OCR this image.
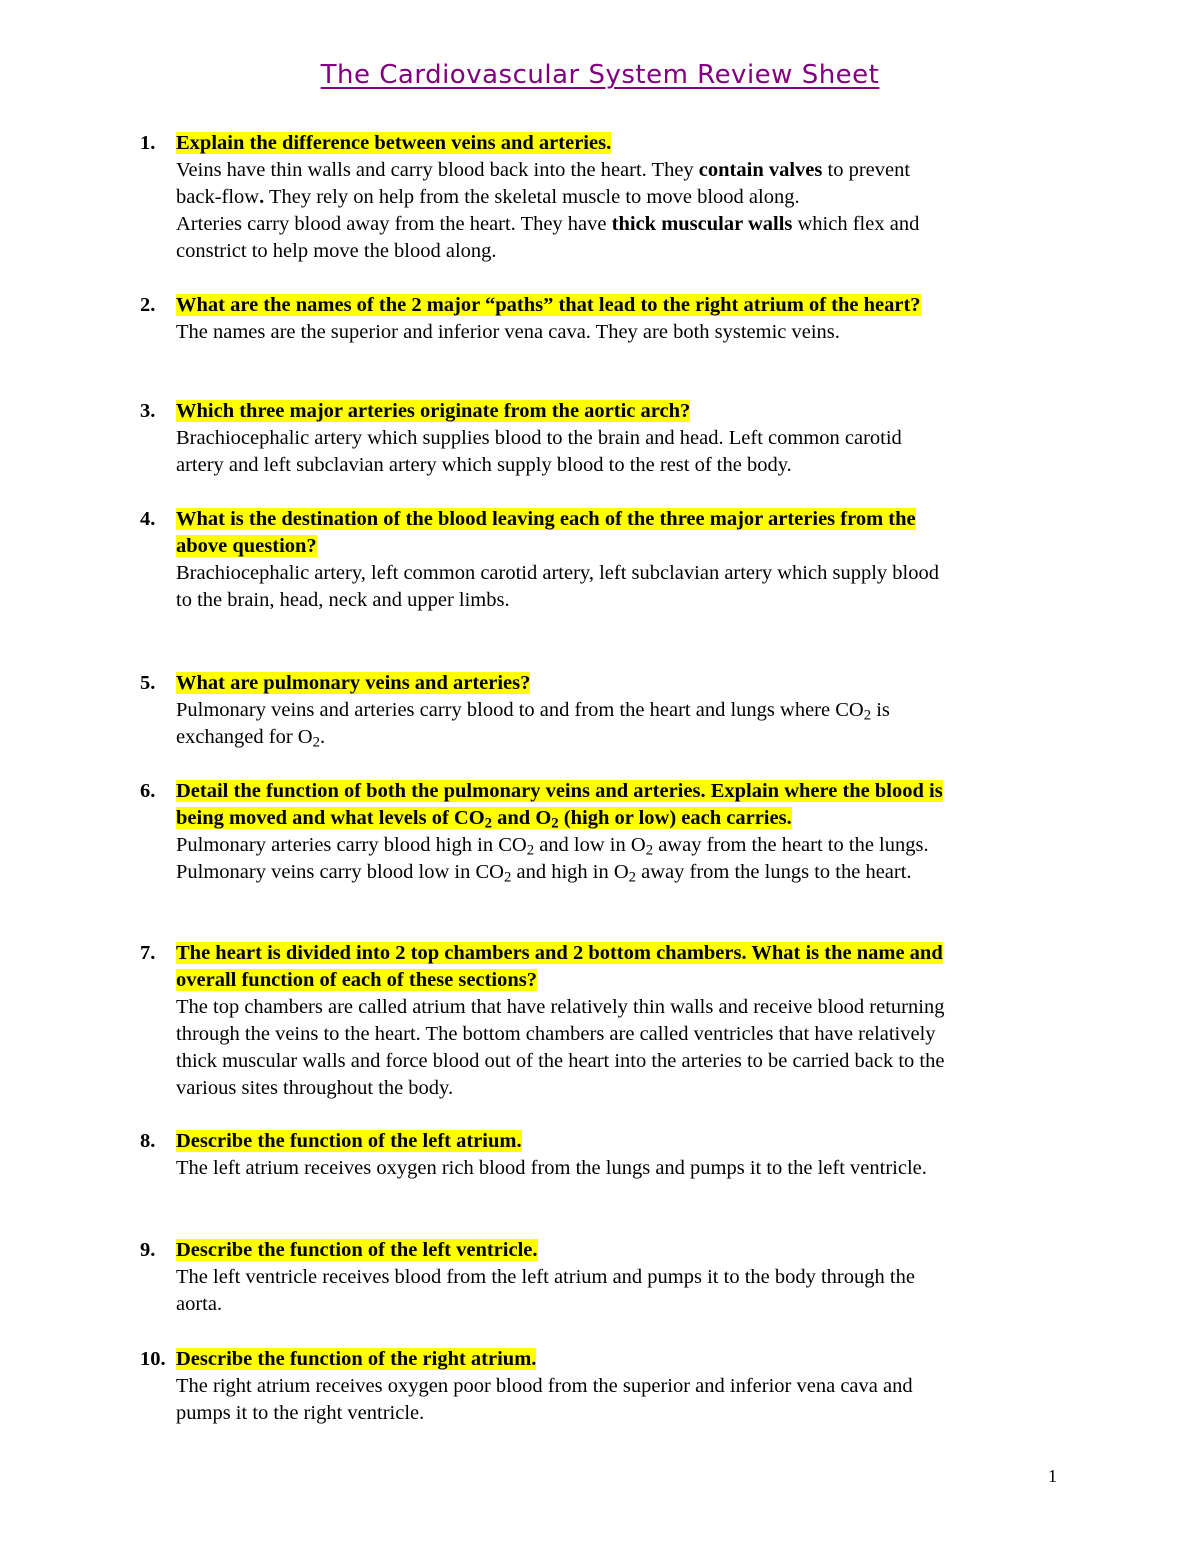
The Cardiovascular System Review Sheet
1. Explain the difference between veins and arteries.
Veins have thin walls and carry blood back into the heart. They contain valves to prevent
back-flow. They rely on help from the skeletal muscle to move blood along.
Arteries carry blood away from the heart. They have thick muscular walls which flex and
constrict to help move the blood along.
2. What are the names of the 2 major “paths” that lead to the right atrium of the heart?
The names are the superior and inferior vena cava. They are both systemic veins.
3. Which three major arteries originate from the aortic arch?
Brachiocephalic artery which supplies blood to the brain and head. Left common carotid
artery and left subclavian artery which supply blood to the rest of the body.
4. What is the destination of the blood leaving each of the three major arteries from the
above question?
Brachiocephalic artery, left common carotid artery, left subclavian artery which supply blood
to the brain, head, neck and upper limbs.
5. What are pulmonary veins and arteries?
Pulmonary veins and arteries carry blood to and from the heart and lungs where $CO_2$ is
exchanged for $O_2$.
6. Detail the function of both the pulmonary veins and arteries. Explain where the blood is
being moved and what levels of $CO_2$ and $O_2$ (high or low) each carries.
Pulmonary arteries carry blood high in $CO_2$ and low in $O_2$ away from the heart to the lungs.
Pulmonary veins carry blood low in $CO_2$ and high in $O_2$ away from the lungs to the heart.
7. The heart is divided into 2 top chambers and 2 bottom chambers. What is the name and
overall function of each of these sections?
The top chambers are called atrium that have relatively thin walls and receive blood returning
through the veins to the heart. The bottom chambers are called ventricles that have relatively
thick muscular walls and force blood out of the heart into the arteries to be carried back to the
various sites throughout the body.
8. Describe the function of the left atrium.
The left atrium receives oxygen rich blood from the lungs and pumps it to the left ventricle.
9. Describe the function of the left ventricle.
The left ventricle receives blood from the left atrium and pumps it to the body through the
aorta.
10. Describe the function of the right atrium.
The right atrium receives oxygen poor blood from the superior and inferior vena cava and
pumps it to the right ventricle.
1
